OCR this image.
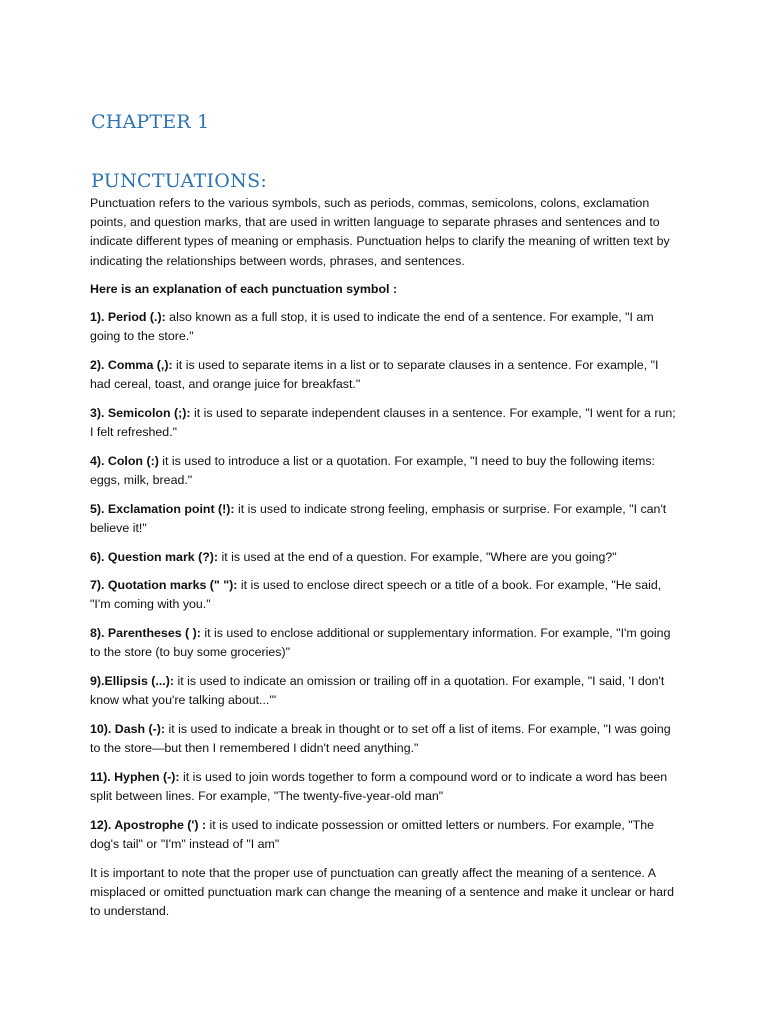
CHAPTER 1
PUNCTUATIONS:

Punctuation refers to the various symbols, such as periods, commas, semicolons, colons, exclamation points, and question marks, that are used in written language to separate phrases and sentences and to indicate different types of meaning or emphasis. Punctuation helps to clarify the meaning of written text by indicating the relationships between words, phrases, and sentences.

Here is an explanation of each punctuation symbol :

1). Period (.): also known as a full stop, it is used to indicate the end of a sentence. For example, "I am going to the store."

2). Comma (,): it is used to separate items in a list or to separate clauses in a sentence. For example, "I had cereal, toast, and orange juice for breakfast."

3). Semicolon (;): it is used to separate independent clauses in a sentence. For example, "I went for a run; I felt refreshed."

4). Colon (:) it is used to introduce a list or a quotation. For example, "I need to buy the following items: eggs, milk, bread."

5). Exclamation point (!): it is used to indicate strong feeling, emphasis or surprise. For example, "I can't believe it!"

6). Question mark (?): it is used at the end of a question. For example, "Where are you going?"

7). Quotation marks (" "): it is used to enclose direct speech or a title of a book. For example, "He said, "I'm coming with you."

8). Parentheses ( ): it is used to enclose additional or supplementary information. For example, "I'm going to the store (to buy some groceries)"

9).Ellipsis (...): it is used to indicate an omission or trailing off in a quotation. For example, "I said, 'I don't know what you're talking about...'"

10). Dash (-): it is used to indicate a break in thought or to set off a list of items. For example, "I was going to the store—but then I remembered I didn't need anything."

11). Hyphen (-): it is used to join words together to form a compound word or to indicate a word has been split between lines. For example, "The twenty-five-year-old man"

12). Apostrophe (') : it is used to indicate possession or omitted letters or numbers. For example, "The dog's tail" or "I'm" instead of "I am"

It is important to note that the proper use of punctuation can greatly affect the meaning of a sentence. A misplaced or omitted punctuation mark can change the meaning of a sentence and make it unclear or hard to understand.
